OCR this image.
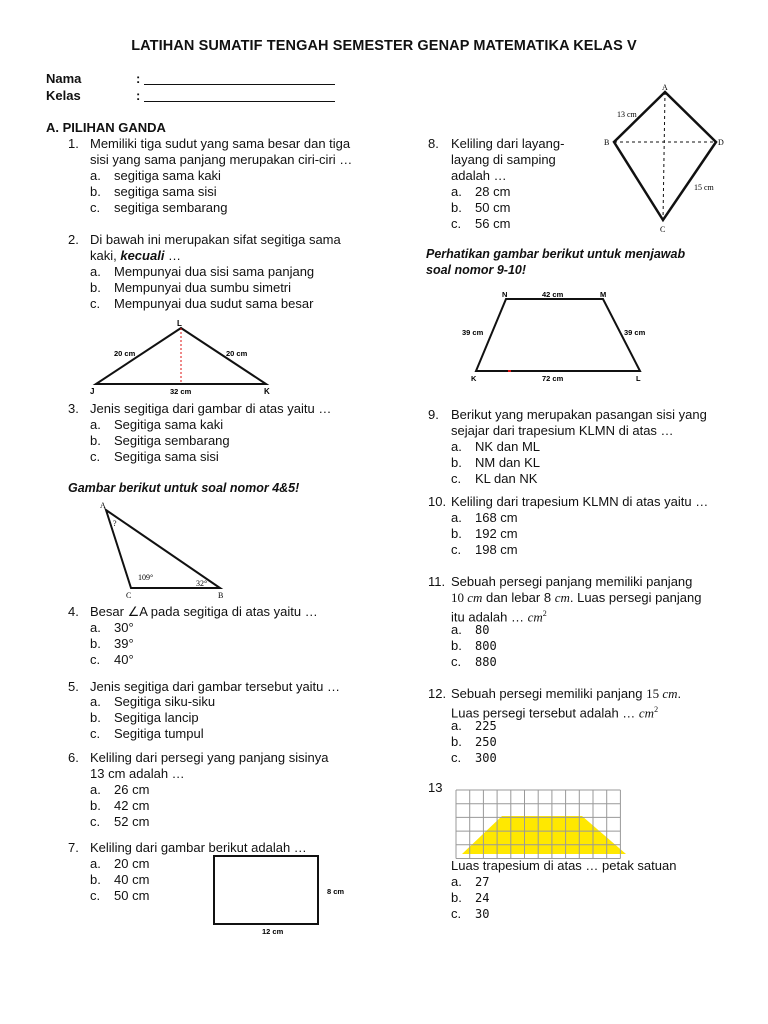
LATIHAN SUMATIF TENGAH SEMESTER GENAP MATEMATIKA KELAS V
Nama	:
Kelas	:
A. PILIHAN GANDA
1. Memiliki tiga sudut yang sama besar dan tiga
sisi yang sama panjang merupakan ciri-ciri …
a. segitiga sama kaki
b. segitiga sama sisi
c. segitiga sembarang
2. Di bawah ini merupakan sifat segitiga sama
kaki, kecuali …
a. Mempunyai dua sisi sama panjang
b. Mempunyai dua sumbu simetri
c. Mempunyai dua sudut sama besar
L
J	K
20 cm	20 cm
32 cm
3. Jenis segitiga dari gambar di atas yaitu …
a. Segitiga sama kaki
b. Segitiga sembarang
c. Segitiga sama sisi
Gambar berikut untuk soal nomor 4&5!
A
C	B
?
109°
32°
4. Besar ∠A pada segitiga di atas yaitu …
a. 30°
b. 39°
c. 40°
5. Jenis segitiga dari gambar tersebut yaitu …
a. Segitiga siku-siku
b. Segitiga lancip
c. Segitiga tumpul
6. Keliling dari persegi yang panjang sisinya
13 cm adalah …
a. 26 cm
b. 42 cm
c. 52 cm
7. Keliling dari gambar berikut adalah …
a. 20 cm
b. 40 cm
c. 50 cm	8 cm
12 cm
8. Keliling dari layang-
layang di samping
adalah …
a. 28 cm
b. 50 cm
c. 56 cm
A
B
C
D
13 cm
15 cm
Perhatikan gambar berikut untuk menjawab
soal nomor 9-10!
N	M
K	L
42 cm
39 cm	39 cm
72 cm
9. Berikut yang merupakan pasangan sisi yang
sejajar dari trapesium KLMN di atas …
a. NK dan ML
b. NM dan KL
c. KL dan NK
10. Keliling dari trapesium KLMN di atas yaitu …
a. 168 cm
b. 192 cm
c. 198 cm
11. Sebuah persegi panjang memiliki panjang
10 cm dan lebar 8 cm. Luas persegi panjang
itu adalah … $cm^2$
a. 80
b. 800
c. 880
12. Sebuah persegi memiliki panjang 15 cm.
Luas persegi tersebut adalah … $cm^2$
a. 225
b. 250
c. 300
13
Luas trapesium di atas … petak satuan
a. 27
b. 24
c. 30
